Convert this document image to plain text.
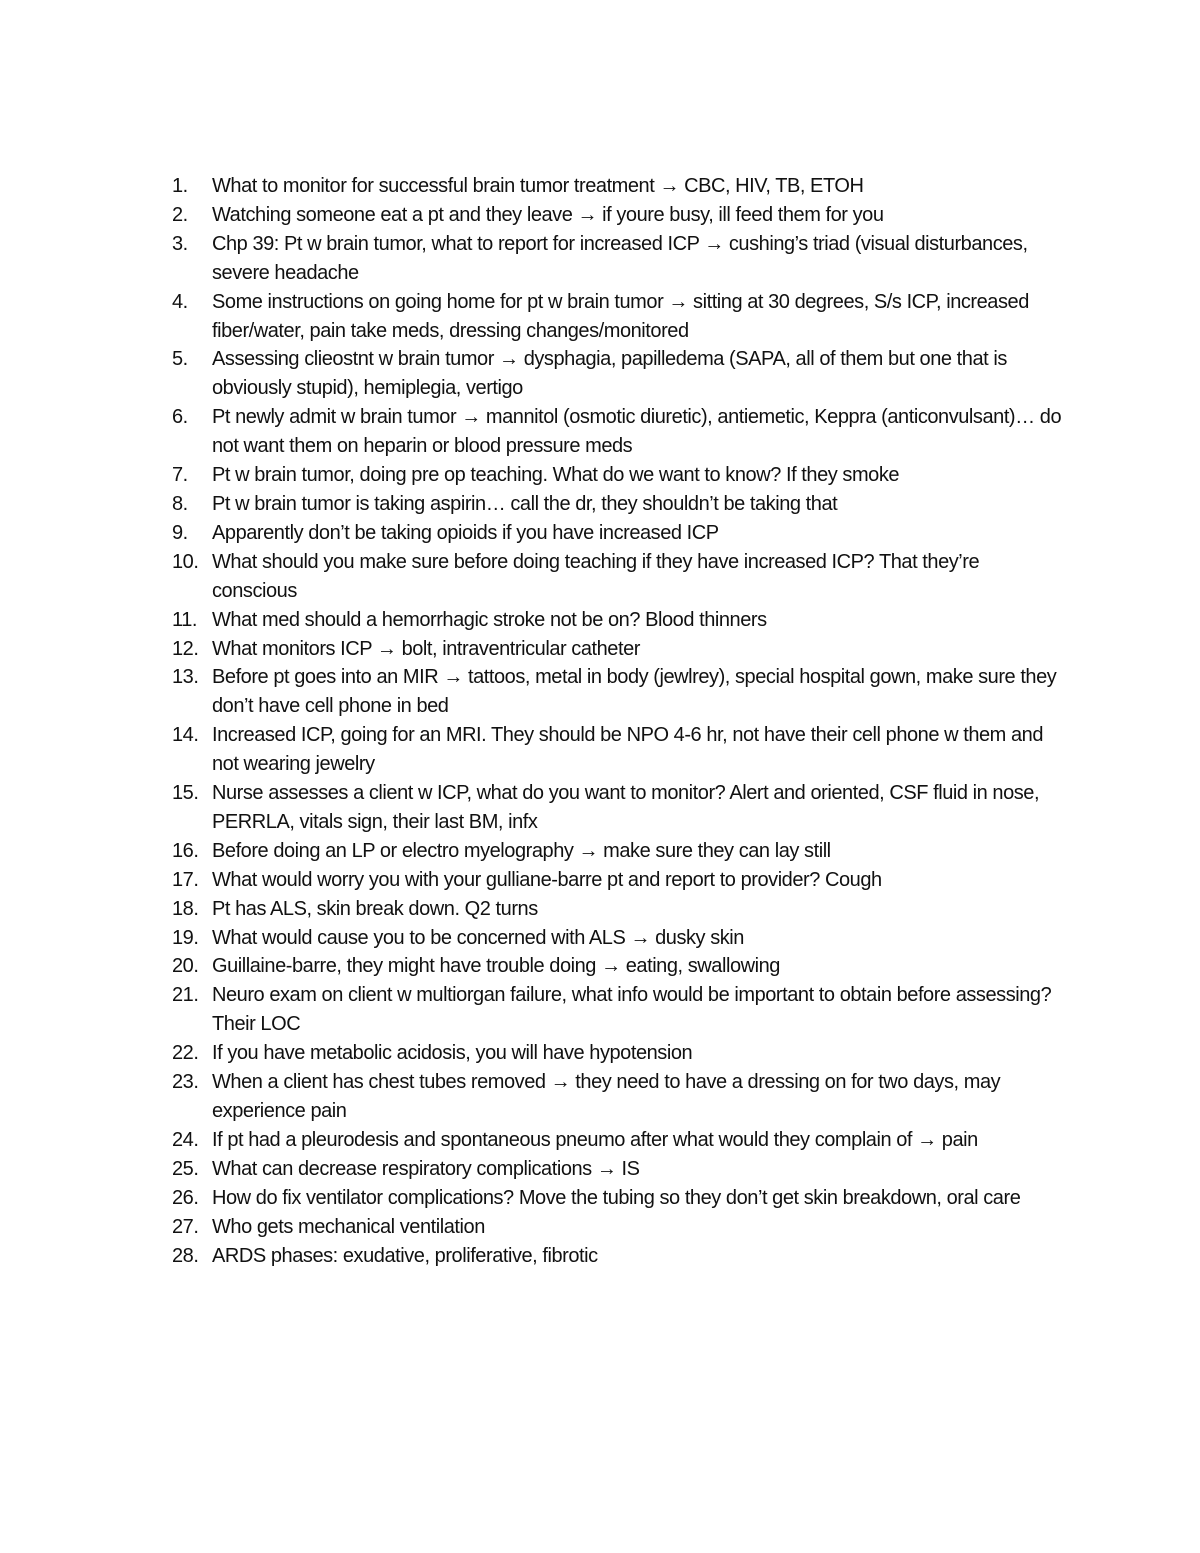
1.	What to monitor for successful brain tumor treatment → CBC, HIV, TB, ETOH
2.	Watching someone eat a pt and they leave → if youre busy, ill feed them for you
3.	Chp 39: Pt w brain tumor, what to report for increased ICP → cushing’s triad (visual disturbances, severe headache
4.	Some instructions on going home for pt w brain tumor → sitting at 30 degrees, S/s ICP, increased fiber/water, pain take meds, dressing changes/monitored
5.	Assessing clieostnt w brain tumor → dysphagia, papilledema (SAPA, all of them but one that is obviously stupid), hemiplegia, vertigo
6.	Pt newly admit w brain tumor → mannitol (osmotic diuretic), antiemetic, Keppra (anticonvulsant)… do not want them on heparin or blood pressure meds
7.	Pt w brain tumor, doing pre op teaching. What do we want to know? If they smoke
8.	Pt w brain tumor is taking aspirin… call the dr, they shouldn’t be taking that
9.	Apparently don’t be taking opioids if you have increased ICP
10. What should you make sure before doing teaching if they have increased ICP? That they’re conscious
11. What med should a hemorrhagic stroke not be on? Blood thinners
12. What monitors ICP → bolt, intraventricular catheter
13. Before pt goes into an MIR → tattoos, metal in body (jewlrey), special hospital gown, make sure they don’t have cell phone in bed
14. Increased ICP, going for an MRI. They should be NPO 4-6 hr, not have their cell phone w them and not wearing jewelry
15. Nurse assesses a client w ICP, what do you want to monitor? Alert and oriented, CSF fluid in nose, PERRLA, vitals sign, their last BM, infx
16. Before doing an LP or electro myelography → make sure they can lay still
17. What would worry you with your gulliane-barre pt and report to provider? Cough
18. Pt has ALS, skin break down. Q2 turns
19. What would cause you to be concerned with ALS → dusky skin
20. Guillaine-barre, they might have trouble doing → eating, swallowing
21. Neuro exam on client w multiorgan failure, what info would be important to obtain before assessing? Their LOC
22. If you have metabolic acidosis, you will have hypotension
23. When a client has chest tubes removed → they need to have a dressing on for two days, may experience pain
24. If pt had a pleurodesis and spontaneous pneumo after what would they complain of → pain
25. What can decrease respiratory complications → IS
26. How do fix ventilator complications? Move the tubing so they don’t get skin breakdown, oral care
27. Who gets mechanical ventilation
28. ARDS phases: exudative, proliferative, fibrotic
